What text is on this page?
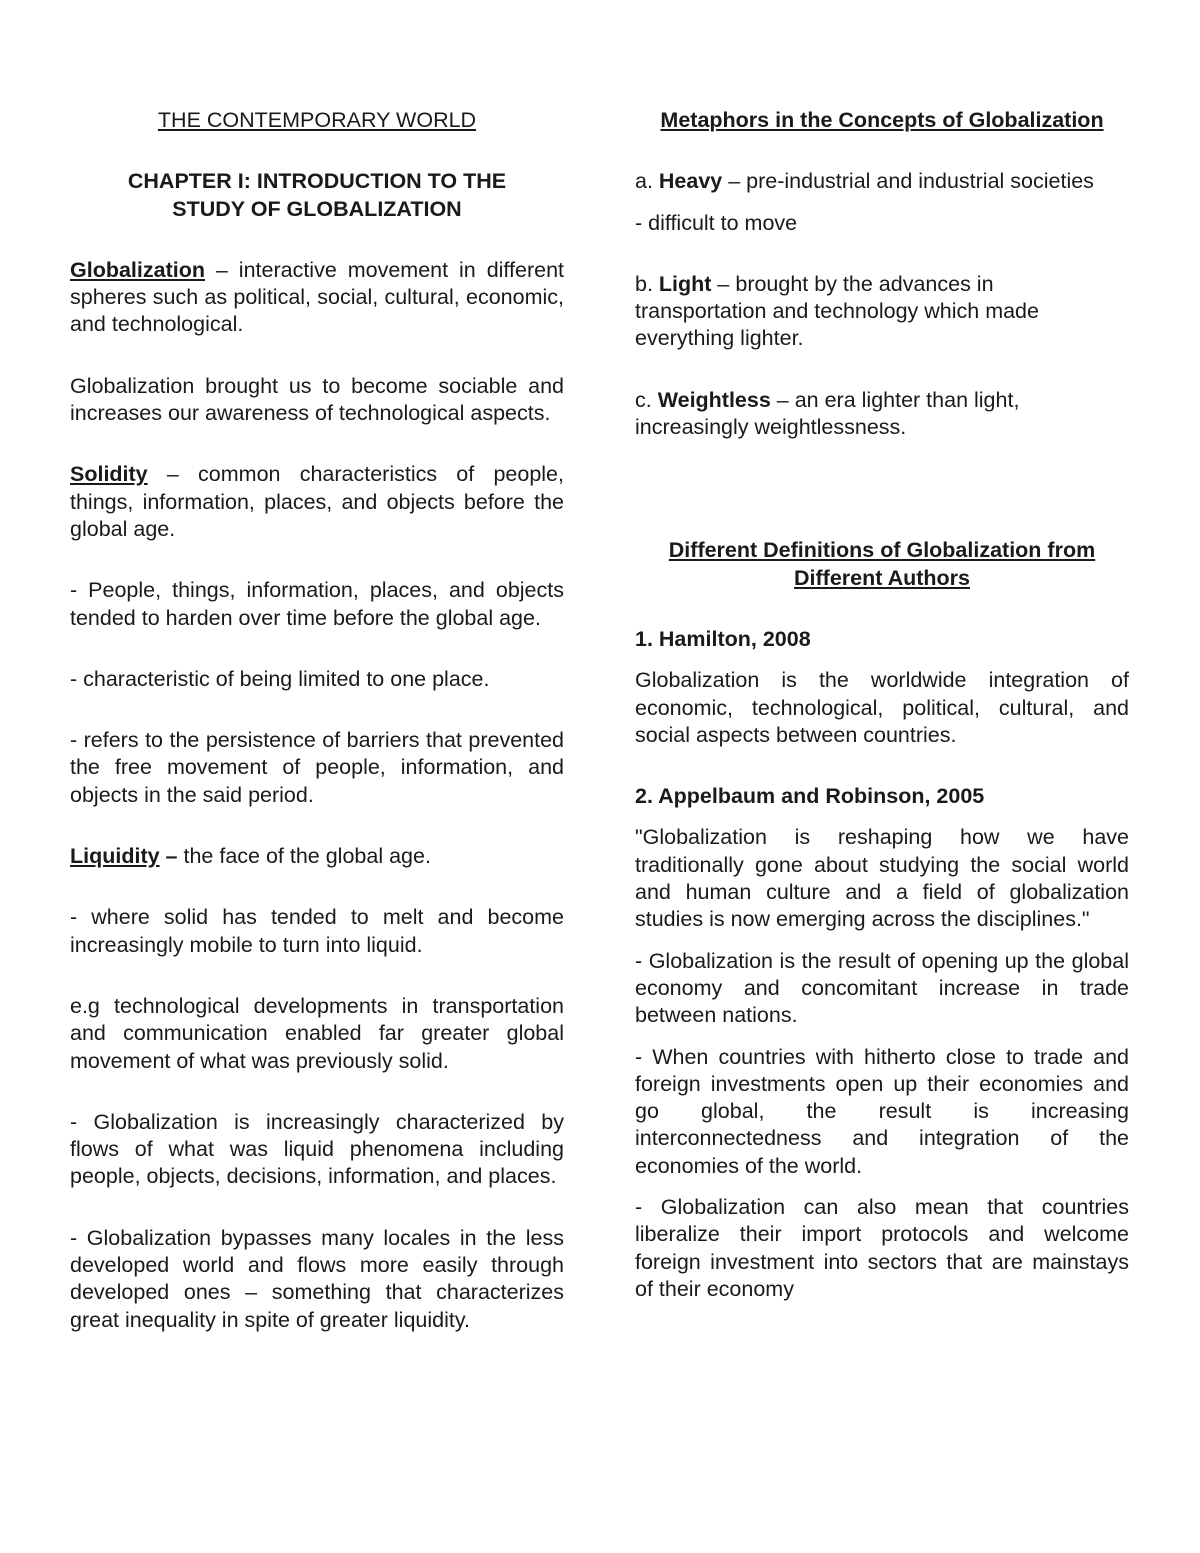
THE CONTEMPORARY WORLD

CHAPTER I: INTRODUCTION TO THE STUDY OF GLOBALIZATION

Globalization – interactive movement in different spheres such as political, social, cultural, economic, and technological.

Globalization brought us to become sociable and increases our awareness of technological aspects.

Solidity – common characteristics of people, things, information, places, and objects before the global age.

- People, things, information, places, and objects tended to harden over time before the global age.

- characteristic of being limited to one place.

- refers to the persistence of barriers that prevented the free movement of people, information, and objects in the said period.

Liquidity – the face of the global age.

- where solid has tended to melt and become increasingly mobile to turn into liquid.

e.g technological developments in transportation and communication enabled far greater global movement of what was previously solid.

- Globalization is increasingly characterized by flows of what was liquid phenomena including people, objects, decisions, information, and places.

- Globalization bypasses many locales in the less developed world and flows more easily through developed ones – something that characterizes great inequality in spite of greater liquidity.

Metaphors in the Concepts of Globalization

a. Heavy – pre-industrial and industrial societies

- difficult to move

b. Light – brought by the advances in transportation and technology which made everything lighter.

c. Weightless – an era lighter than light, increasingly weightlessness.

Different Definitions of Globalization from Different Authors

1. Hamilton, 2008

Globalization is the worldwide integration of economic, technological, political, cultural, and social aspects between countries.

2. Appelbaum and Robinson, 2005

"Globalization is reshaping how we have traditionally gone about studying the social world and human culture and a field of globalization studies is now emerging across the disciplines."

- Globalization is the result of opening up the global economy and concomitant increase in trade between nations.

- When countries with hitherto close to trade and foreign investments open up their economies and go global, the result is increasing interconnectedness and integration of the economies of the world.

- Globalization can also mean that countries liberalize their import protocols and welcome foreign investment into sectors that are mainstays of their economy
